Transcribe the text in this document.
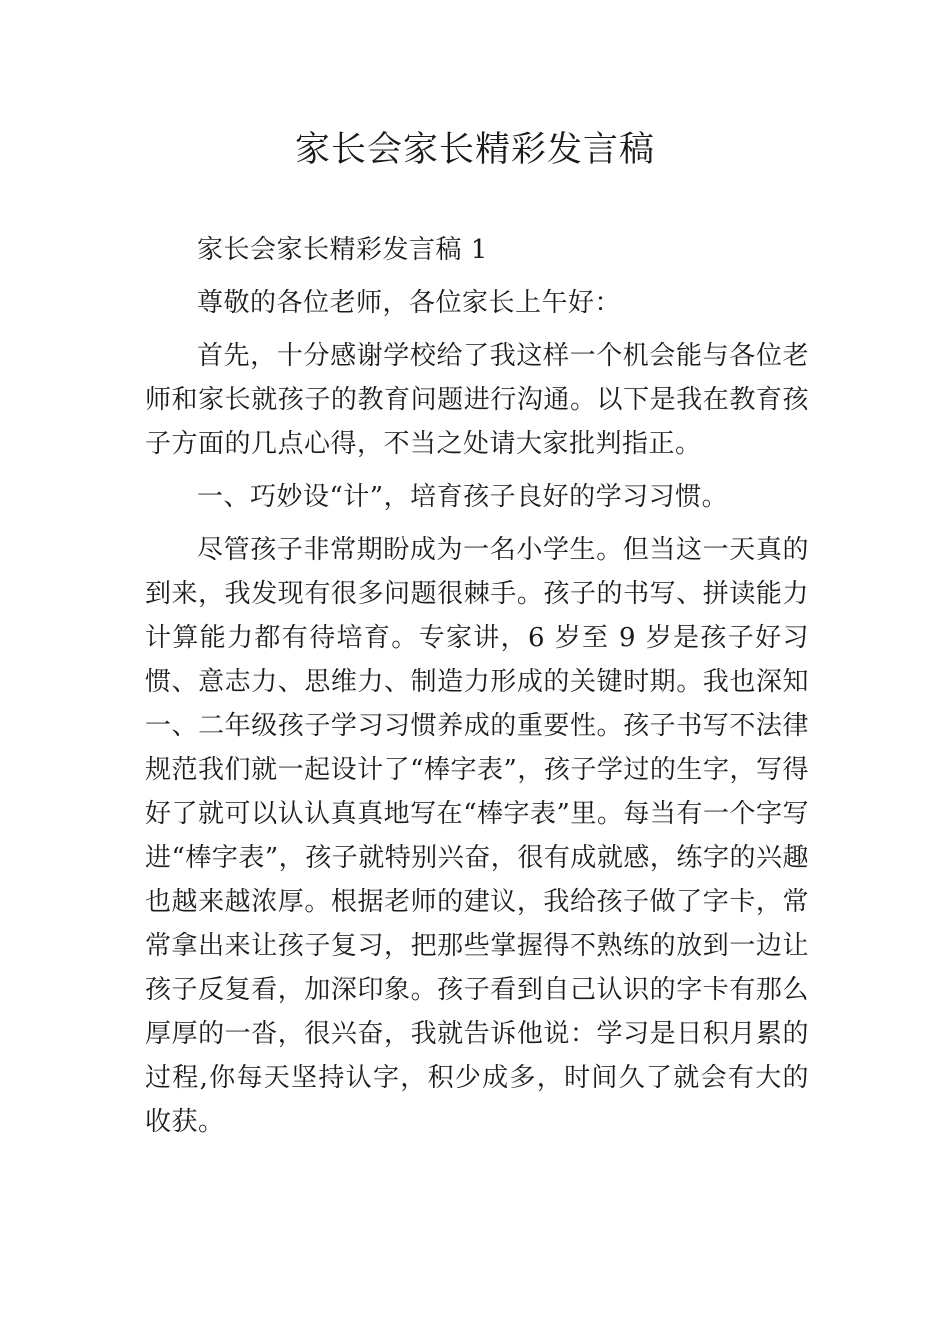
家长会家长精彩发言稿

家长会家长精彩发言稿 1

尊敬的各位老师，各位家长上午好：

首先，十分感谢学校给了我这样一个机会能与各位老师和家长就孩子的教育问题进行沟通。以下是我在教育孩子方面的几点心得，不当之处请大家批判指正。

一、巧妙设“计”，培育孩子良好的学习习惯。

尽管孩子非常期盼成为一名小学生。但当这一天真的到来，我发现有很多问题很棘手。孩子的书写、拼读能力计算能力都有待培育。专家讲，6 岁至 9 岁是孩子好习惯、意志力、思维力、制造力形成的关键时期。我也深知一、二年级孩子学习习惯养成的重要性。孩子书写不法律规范我们就一起设计了“棒字表”，孩子学过的生字，写得好了就可以认认真真地写在“棒字表”里。每当有一个字写进“棒字表”，孩子就特别兴奋，很有成就感，练字的兴趣也越来越浓厚。根据老师的建议，我给孩子做了字卡，常常拿出来让孩子复习，把那些掌握得不熟练的放到一边让孩子反复看，加深印象。孩子看到自己认识的字卡有那么厚厚的一沓，很兴奋，我就告诉他说：学习是日积月累的过程,你每天坚持认字，积少成多，时间久了就会有大的收获。
